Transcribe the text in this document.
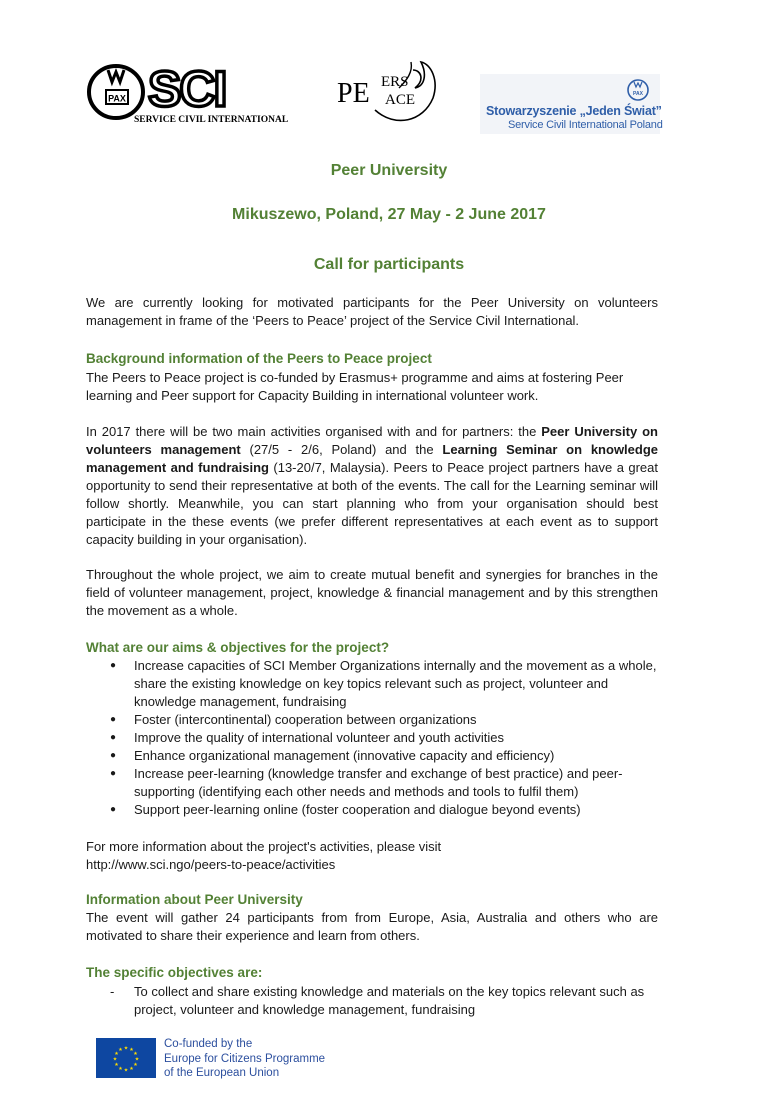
PAX SCI
SERVICE CIVIL INTERNATIONAL
PE ERS
ACE	PAX
Stowarzyszenie „Jeden Świat”
Service Civil International Poland
Peer University
Mikuszewo, Poland, 27 May - 2 June 2017
Call for participants
We are currently looking for motivated participants for the Peer University on volunteers management in frame of the ‘Peers to Peace’ project of the Service Civil International.
Background information of the Peers to Peace project
The Peers to Peace project is co-funded by Erasmus+ programme and aims at fostering Peer learning and Peer support for Capacity Building in international volunteer work.
In 2017 there will be two main activities organised with and for partners: the Peer University on volunteers management (27/5 - 2/6, Poland) and the Learning Seminar on knowledge management and fundraising (13-20/7, Malaysia). Peers to Peace project partners have a great opportunity to send their representative at both of the events. The call for the Learning seminar will follow shortly. Meanwhile, you can start planning who from your organisation should best participate in the these events (we prefer different representatives at each event as to support capacity building in your organisation).
Throughout the whole project, we aim to create mutual benefit and synergies for branches in the field of volunteer management, project, knowledge & financial management and by this strengthen the movement as a whole.
What are our aims & objectives for the project?
● Increase capacities of SCI Member Organizations internally and the movement as a whole, share the existing knowledge on key topics relevant such as project, volunteer and knowledge management, fundraising
● Foster (intercontinental) cooperation between organizations
● Improve the quality of international volunteer and youth activities
● Enhance organizational management (innovative capacity and efficiency)
● Increase peer-learning (knowledge transfer and exchange of best practice) and peer-supporting (identifying each other needs and methods and tools to fulfil them)
● Support peer-learning online (foster cooperation and dialogue beyond events)
For more information about the project's activities, please visit
http://www.sci.ngo/peers-to-peace/activities
Information about Peer University
The event will gather 24 participants from from Europe, Asia, Australia and others who are motivated to share their experience and learn from others.
The specific objectives are:
- To collect and share existing knowledge and materials on the key topics relevant such as project, volunteer and knowledge management, fundraising
★
★
★
★
★
★
★
★
★ ★ ★
★
Co-funded by the
Europe for Citizens Programme
of the European Union
